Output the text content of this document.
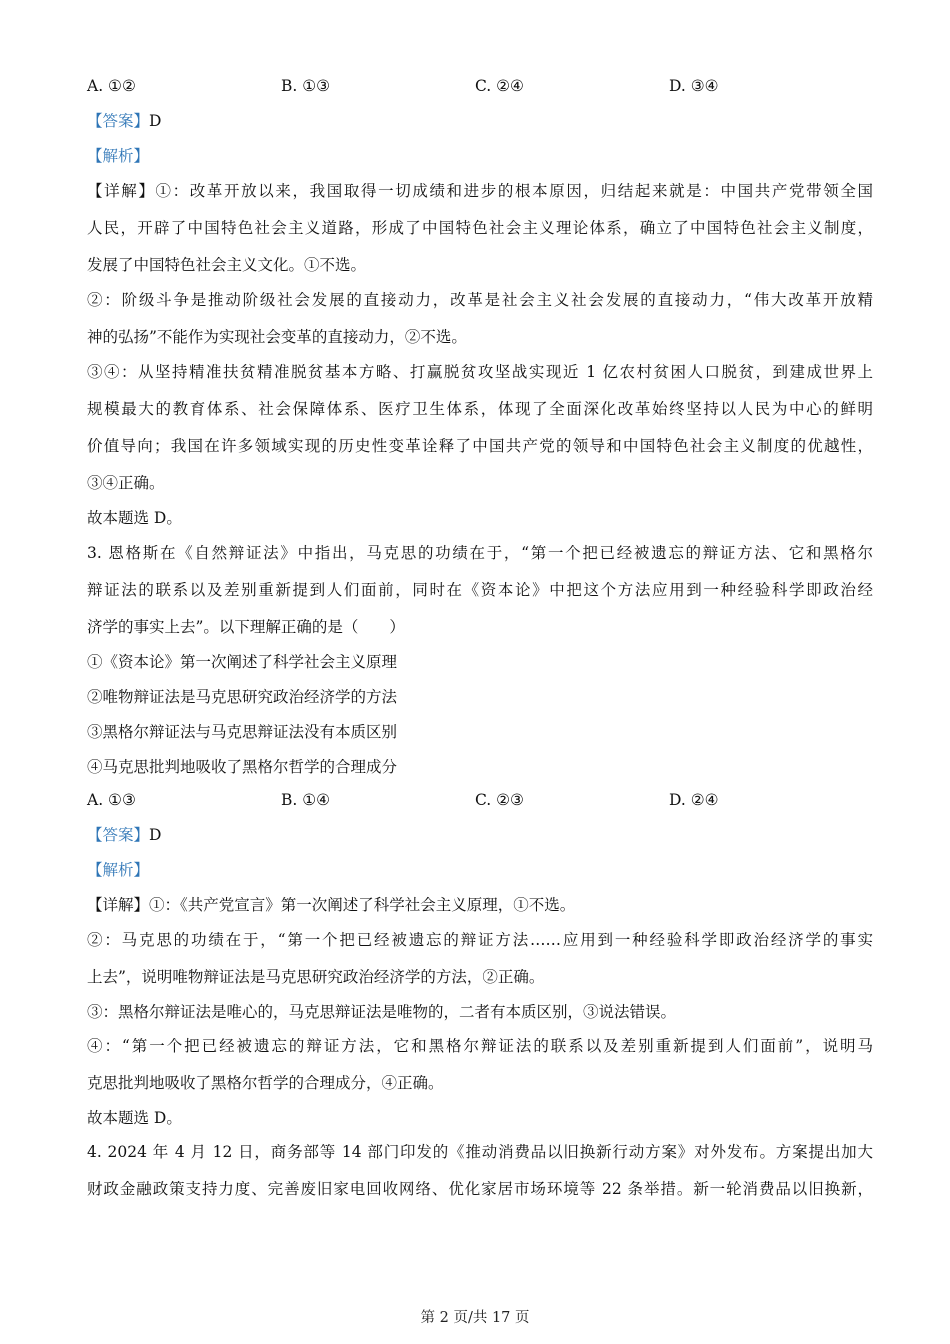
A. ①②	B. ①③	C. ②④	D. ③④
【答案】D
【解析】
【详解】①：改革开放以来，我国取得一切成绩和进步的根本原因，归结起来就是：中国共产党带领全国
人民，开辟了中国特色社会主义道路，形成了中国特色社会主义理论体系，确立了中国特色社会主义制度，
发展了中国特色社会主义文化。①不选。
②：阶级斗争是推动阶级社会发展的直接动力，改革是社会主义社会发展的直接动力，“伟大改革开放精
神的弘扬”不能作为实现社会变革的直接动力，②不选。
③④：从坚持精准扶贫精准脱贫基本方略、打赢脱贫攻坚战实现近 1 亿农村贫困人口脱贫，到建成世界上
规模最大的教育体系、社会保障体系、医疗卫生体系，体现了全面深化改革始终坚持以人民为中心的鲜明
价值导向；我国在许多领域实现的历史性变革诠释了中国共产党的领导和中国特色社会主义制度的优越性，
③④正确。
故本题选 D。
3. 恩格斯在《自然辩证法》中指出，马克思的功绩在于，“第一个把已经被遗忘的辩证方法、它和黑格尔
辩证法的联系以及差别重新提到人们面前，同时在《资本论》中把这个方法应用到一种经验科学即政治经
济学的事实上去”。以下理解正确的是（　　）
①《资本论》第一次阐述了科学社会主义原理
②唯物辩证法是马克思研究政治经济学的方法
③黑格尔辩证法与马克思辩证法没有本质区别
④马克思批判地吸收了黑格尔哲学的合理成分
A. ①③	B. ①④	C. ②③	D. ②④
【答案】D
【解析】
【详解】①：《共产党宣言》第一次阐述了科学社会主义原理，①不选。
②：马克思的功绩在于，“第一个把已经被遗忘的辩证方法……应用到一种经验科学即政治经济学的事实
上去”，说明唯物辩证法是马克思研究政治经济学的方法，②正确。
③：黑格尔辩证法是唯心的，马克思辩证法是唯物的，二者有本质区别，③说法错误。
④：“第一个把已经被遗忘的辩证方法，它和黑格尔辩证法的联系以及差别重新提到人们面前”，说明马
克思批判地吸收了黑格尔哲学的合理成分，④正确。
故本题选 D。
4. 2024 年 4 月 12 日，商务部等 14 部门印发的《推动消费品以旧换新行动方案》对外发布。方案提出加大
财政金融政策支持力度、完善废旧家电回收网络、优化家居市场环境等 22 条举措。新一轮消费品以旧换新，
第 2 页/共 17 页
